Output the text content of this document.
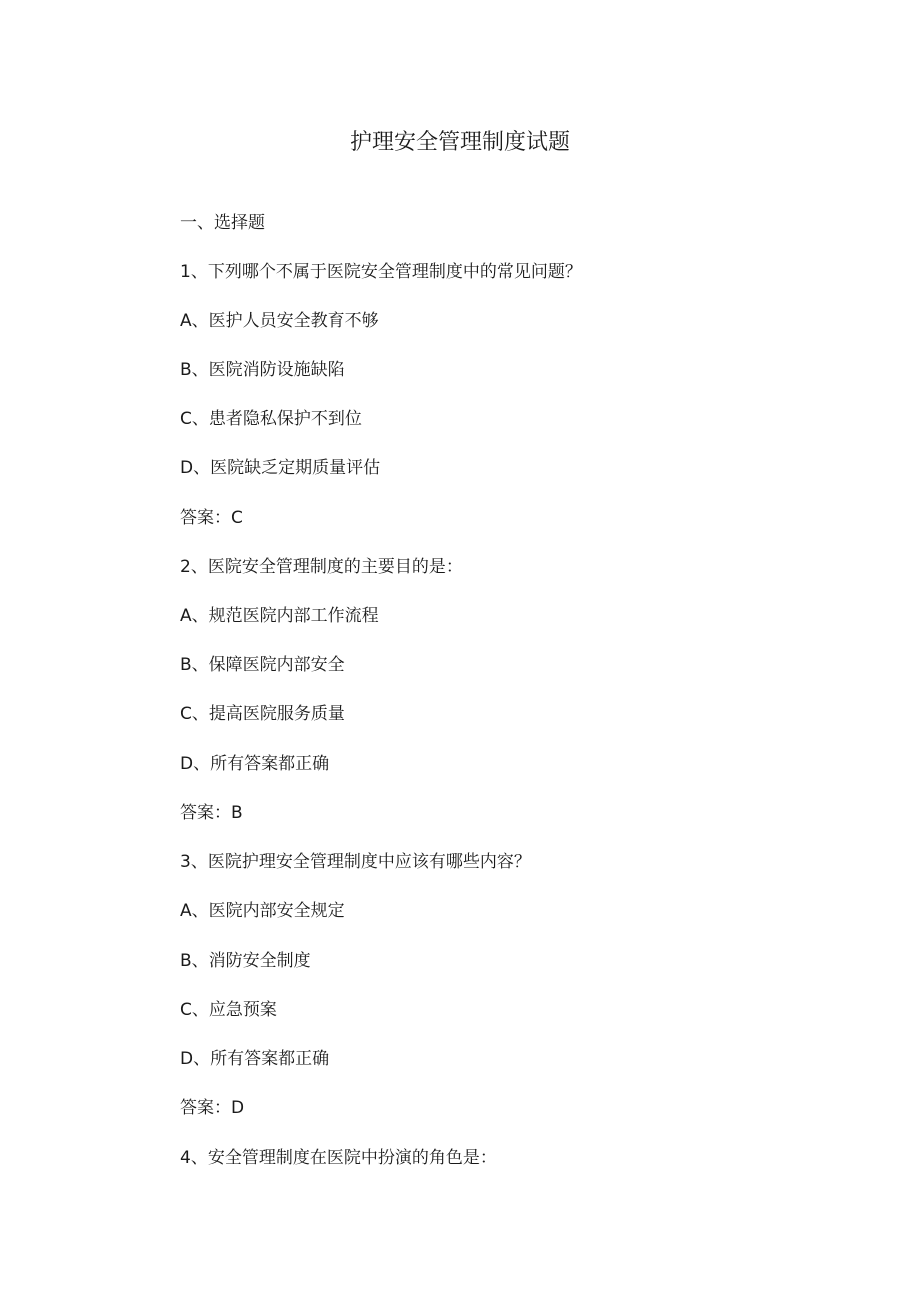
护理安全管理制度试题

一、选择题

1、下列哪个不属于医院安全管理制度中的常见问题？

A、医护人员安全教育不够

B、医院消防设施缺陷

C、患者隐私保护不到位

D、医院缺乏定期质量评估

答案：C

2、医院安全管理制度的主要目的是：

A、规范医院内部工作流程

B、保障医院内部安全

C、提高医院服务质量

D、所有答案都正确

答案：B

3、医院护理安全管理制度中应该有哪些内容？

A、医院内部安全规定

B、消防安全制度

C、应急预案

D、所有答案都正确

答案：D

4、安全管理制度在医院中扮演的角色是：
